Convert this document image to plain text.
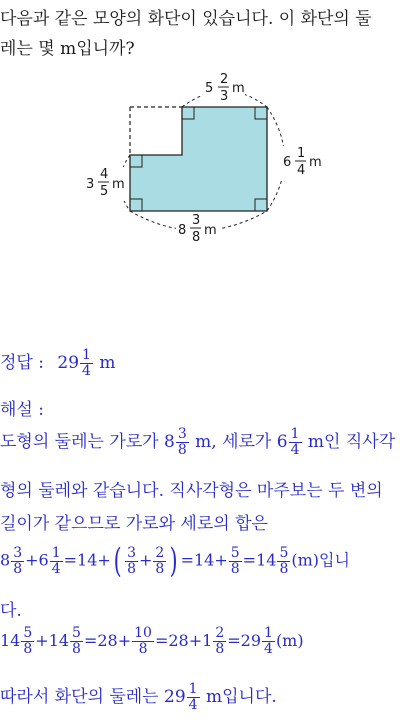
다음과 같은 모양의 화단이 있습니다. 이 화단의 둘
레는 몇 m입니까?
5
2
3
m
6
1
4
m
3
4
5 m
8
3
8 m
정답 : $29 \frac{1}{4}$ m
해설 :
도형의 둘레는 가로가 $8 \frac{3}{8} m$, 세로가 $6 \frac{1}{4}$ m인 직사각
형의 둘레와 같습니다. 직사각형은 마주보는 두 변의
길이가 같으므로 가로와 세로의 합은
$8 \frac{3}{8} +6 \frac{1}{4} =14+( \frac{3}{8} + \frac{2}{8}$ ) $=14+ \frac{5}{8} =14 \frac{5}{8} (m)$입니
다.
$14 \frac{5}{8} +14 \frac{5}{8} =28+ \frac{10}{8} =28+1 \frac{2}{8} =29 \frac{1}{4} (m)$
따라서 화단의 둘레는 $29 \frac{1}{4}$ m입니다.
